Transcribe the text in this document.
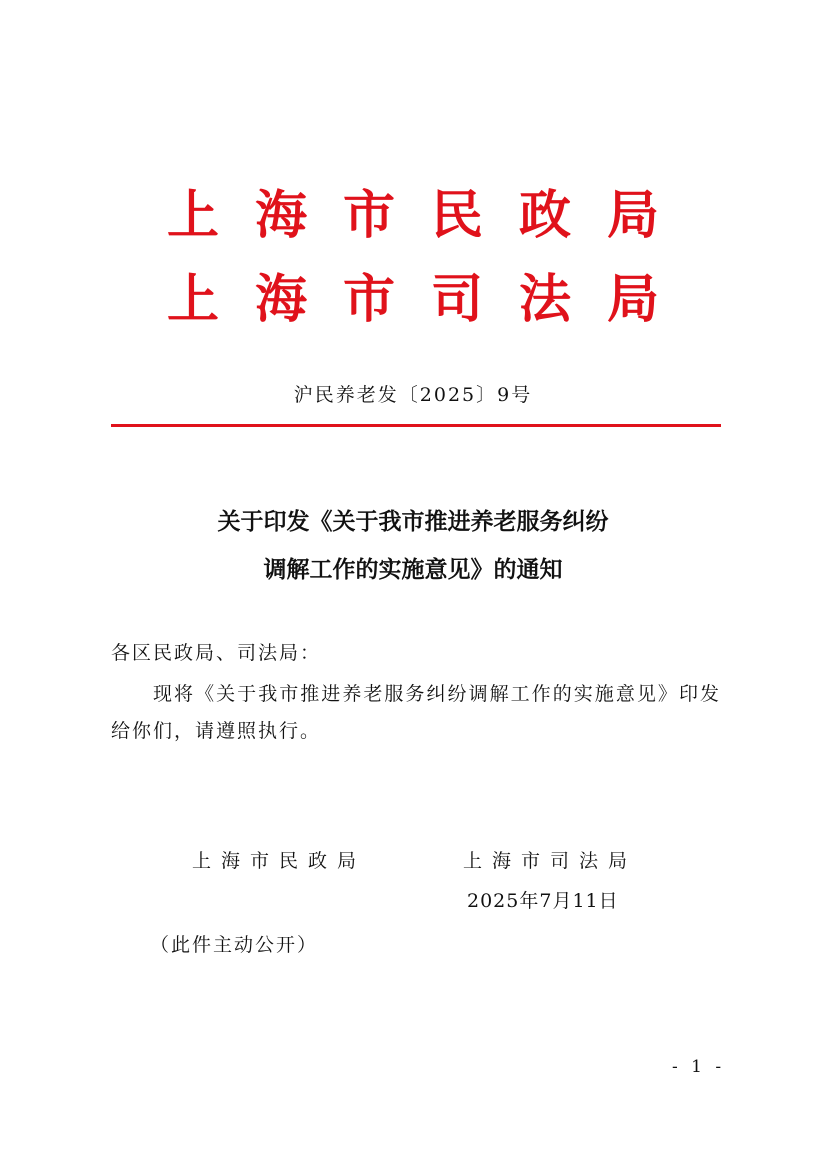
上海市民政局
上海市司法局
沪民养老发〔2025〕9号
关于印发《关于我市推进养老服务纠纷
调解工作的实施意见》的通知
各区民政局、司法局：
现将《关于我市推进养老服务纠纷调解工作的实施意见》印发给你们，请遵照执行。
上海市民政局	上海市司法局
2025年7月11日
（此件主动公开）
- 1 -
